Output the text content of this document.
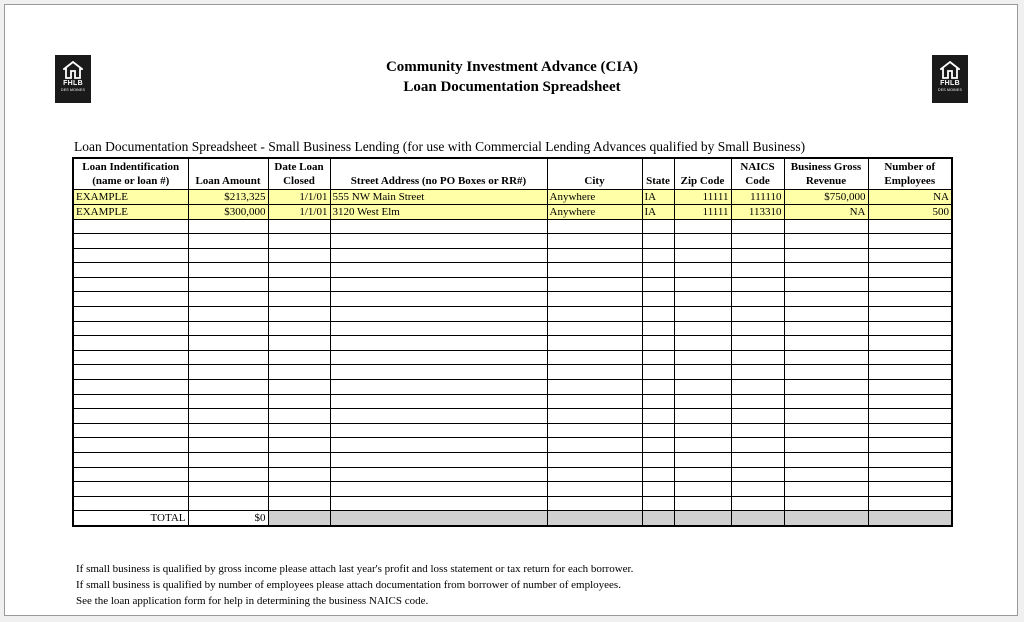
FHLB
DES MOINES
FHLB
DES MOINES
Community Investment Advance (CIA)
Loan Documentation Spreadsheet
Loan Documentation Spreadsheet - Small Business Lending (for use with Commercial Lending Advances qualified by Small Business)
Loan Indentification (name or loan #)	Loan Amount	Date Loan Closed	Street Address (no PO Boxes or RR#)	City	State	Zip Code	NAICS Code	Business Gross Revenue	Number of Employees
EXAMPLE	$213,325	1/1/01	555 NW Main Street	Anywhere	IA	11111	111110	$750,000	NA
EXAMPLE	$300,000	1/1/01	3120 West Elm	Anywhere	IA	11111	113310	NA	500

TOTAL	$0								
If small business is qualified by gross income please attach last year's profit and loss statement or tax return for each borrower.
If small business is qualified by number of employees please attach documentation from borrower of number of employees.
See the loan application form for help in determining the business NAICS code.
